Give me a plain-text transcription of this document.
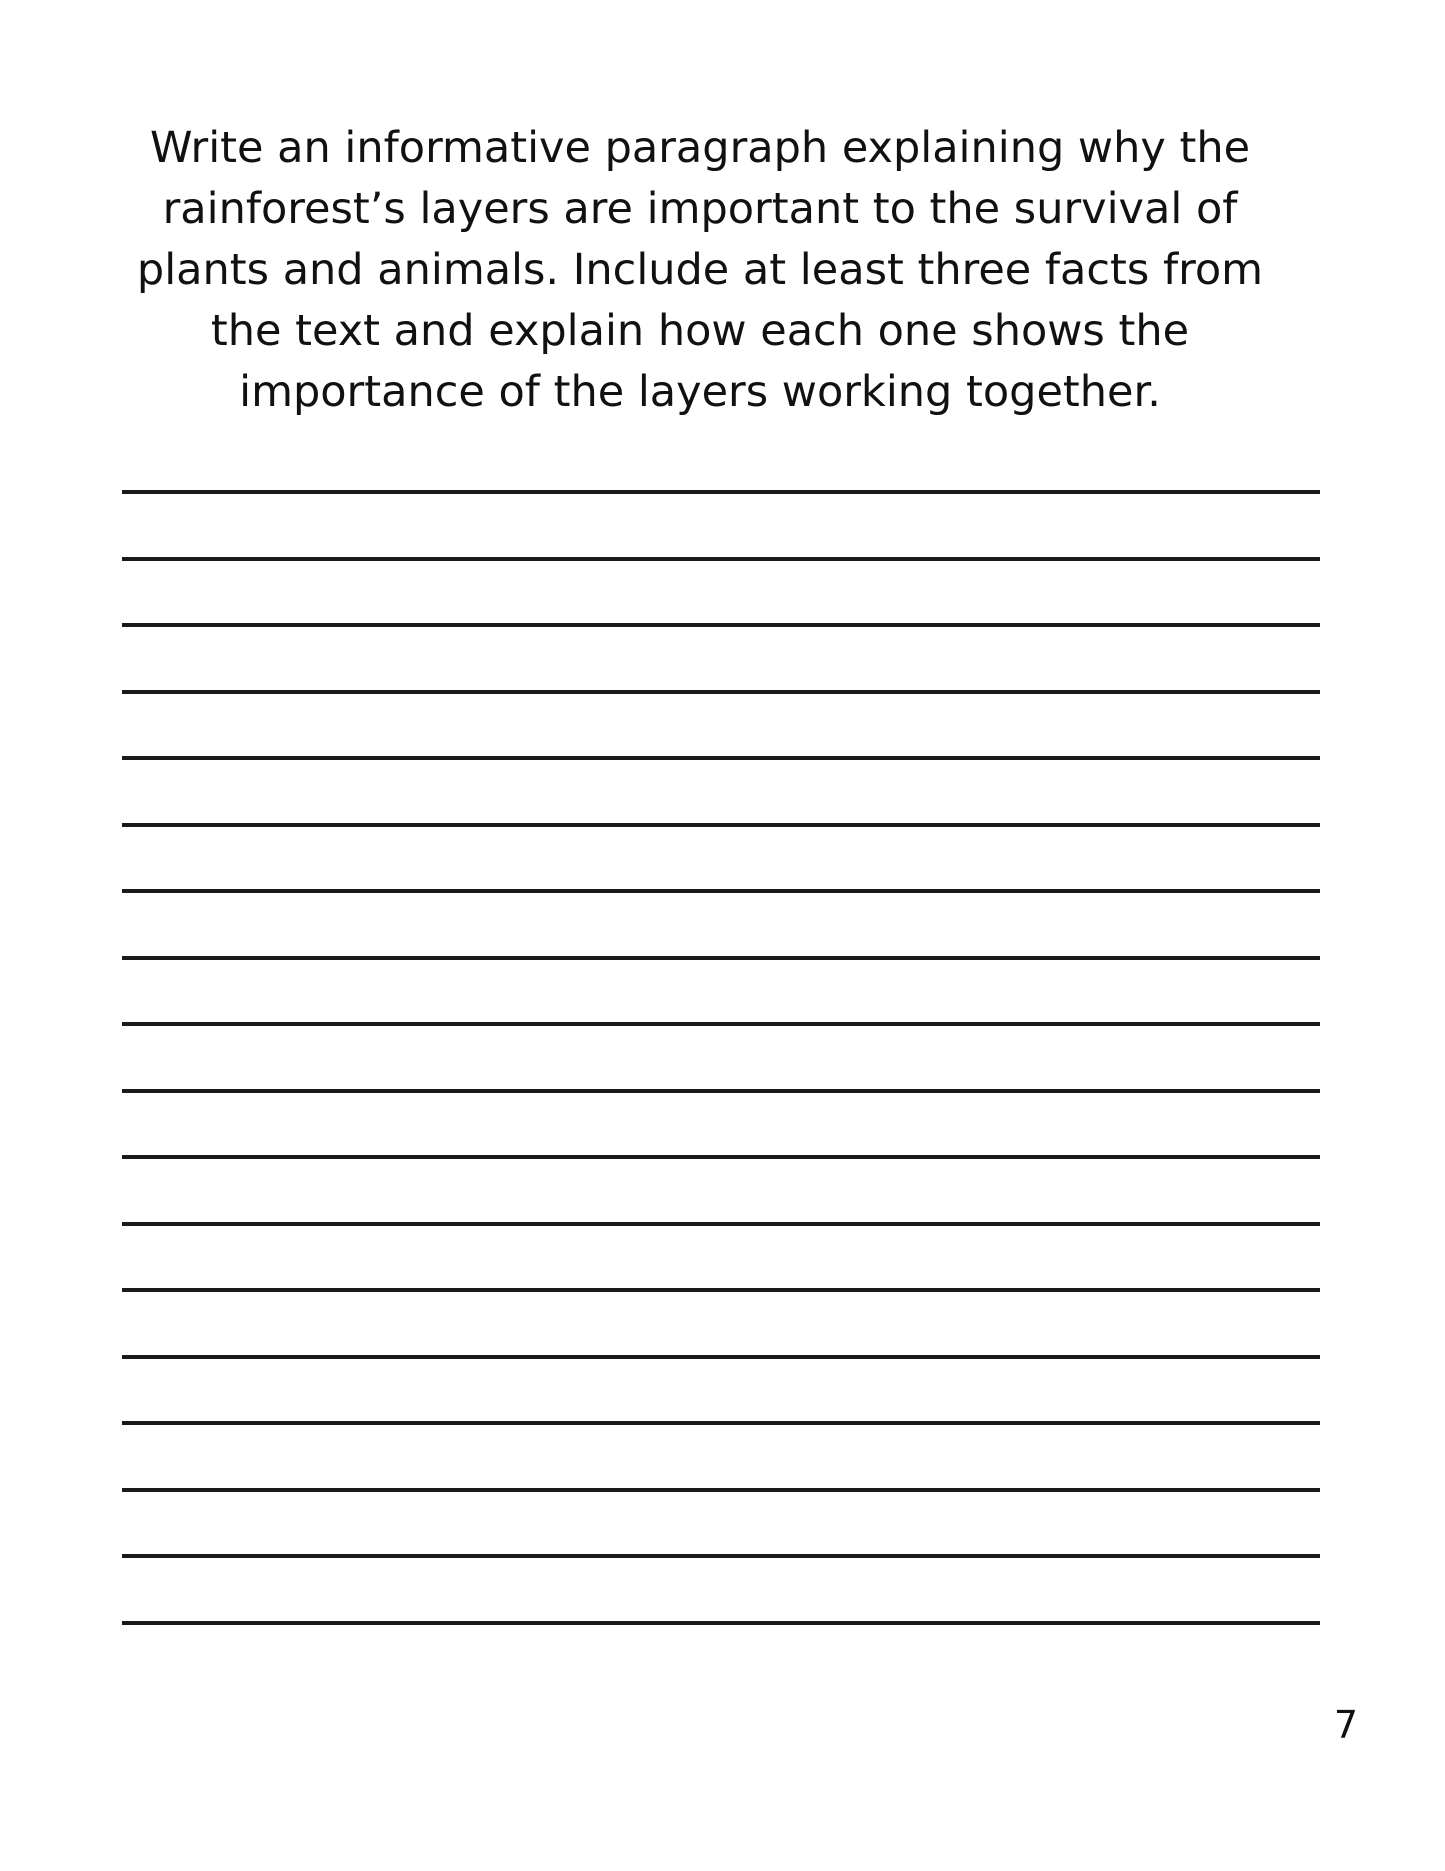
Write an informative paragraph explaining why the
rainforest’s layers are important to the survival of
plants and animals. Include at least three facts from
the text and explain how each one shows the
importance of the layers working together.
7
